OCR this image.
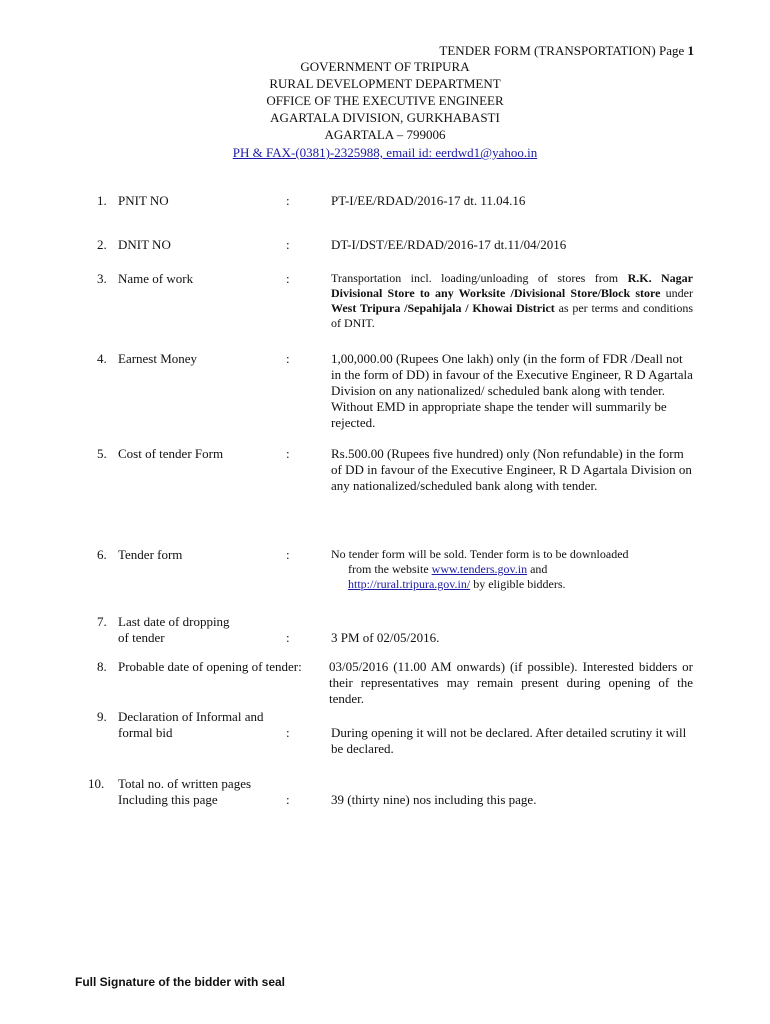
TENDER FORM (TRANSPORTATION) Page 1
GOVERNMENT OF TRIPURA
RURAL DEVELOPMENT DEPARTMENT
OFFICE OF THE EXECUTIVE ENGINEER
AGARTALA DIVISION, GURKHABASTI
AGARTALA – 799006
PH & FAX-(0381)-2325988, email id: eerdwd1@yahoo.in
1. PNIT NO	:	PT-I/EE/RDAD/2016-17 dt. 11.04.16
2. DNIT NO	:	DT-I/DST/EE/RDAD/2016-17 dt.11/04/2016
3. Name of work	:	Transportation incl. loading/unloading of stores from R.K. Nagar Divisional Store to any Worksite /Divisional Store/Block store under West Tripura /Sepahijala / Khowai District as per terms and conditions of DNIT.
4. Earnest Money	:	1,00,000.00 (Rupees One lakh) only (in the form of FDR /Deall not in the form of DD) in favour of the Executive Engineer, R D Agartala Division on any nationalized/ scheduled bank along with tender. Without EMD in appropriate shape the tender will summarily be rejected.
5. Cost of tender Form	:	Rs.500.00 (Rupees five hundred) only (Non refundable) in the form of DD in favour of the Executive Engineer, R D Agartala Division on any nationalized/scheduled bank along with tender.
6. Tender form	:	No tender form will be sold. Tender form is to be downloaded
from the website www.tenders.gov.in and
http://rural.tripura.gov.in/ by eligible bidders.
7. Last date of dropping
of tender	:	3 PM of 02/05/2016.
8. Probable date of opening of tender:	03/05/2016 (11.00 AM onwards) (if possible). Interested bidders or their representatives may remain present during opening of the tender.
9. Declaration of Informal and
formal bid	:	During opening it will not be declared. After detailed scrutiny it will be declared.
10. Total no. of written pages
Including this page	:	39 (thirty nine) nos including this page.
Full Signature of the bidder with seal
